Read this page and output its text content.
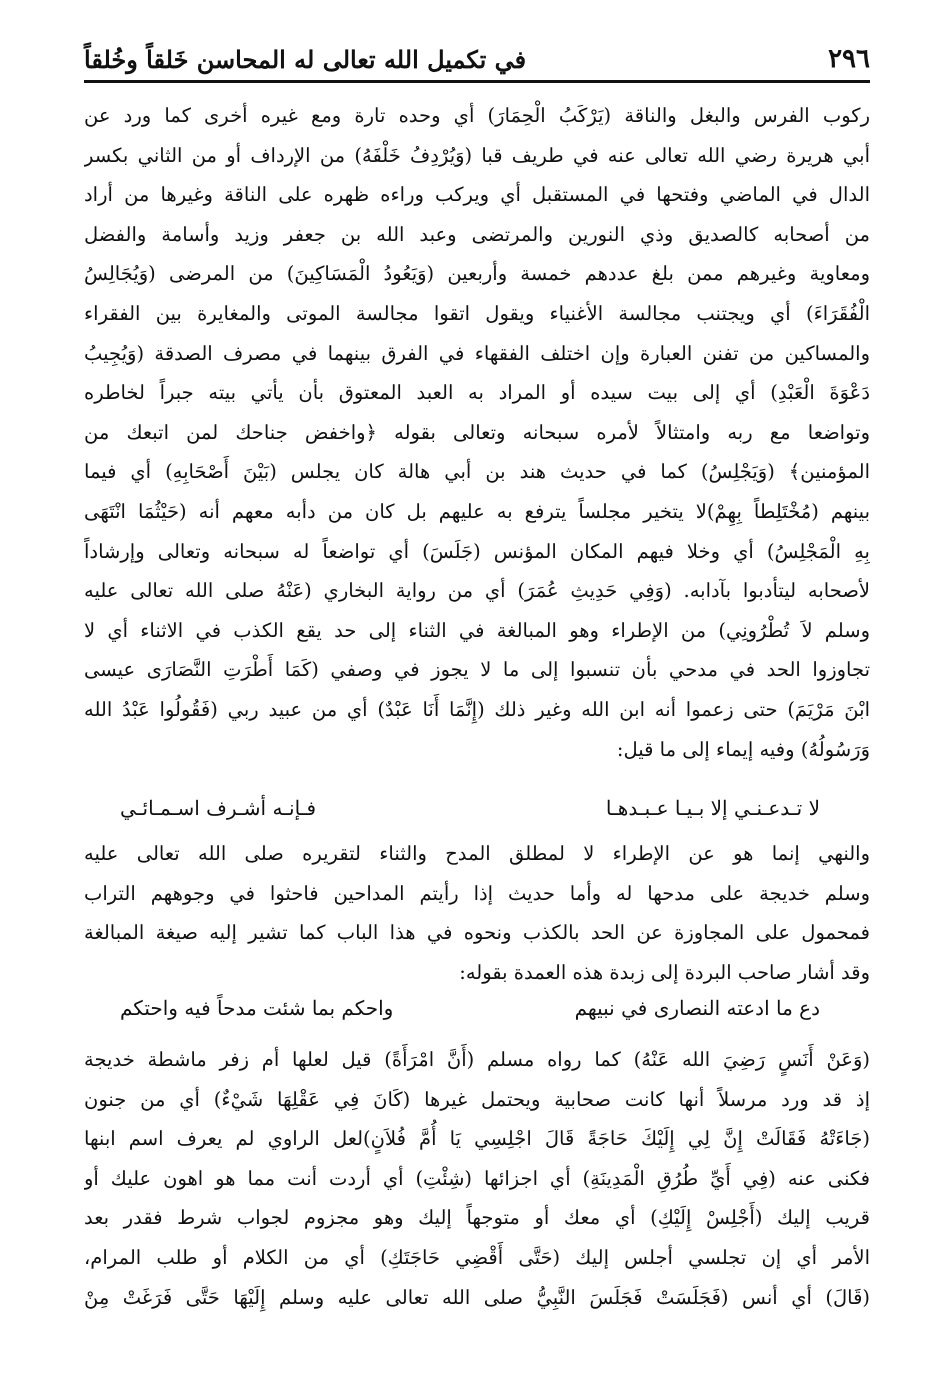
٢٩٦
في تكميل الله تعالى له المحاسن خَلقاً وخُلقاً
ركوب الفرس والبغل والناقة (يَرْكَبُ الْحِمَارَ) أي وحده تارة ومع غيره أخرى كما ورد عن
أبي هريرة رضي الله تعالى عنه في طريف قبا (وَيُرْدِفُ خَلْفَهُ) من الإرداف أو من الثاني بكسر
الدال في الماضي وفتحها في المستقبل أي ويركب وراءه ظهره على الناقة وغيرها من أراد
من أصحابه كالصديق وذي النورين والمرتضى وعبد الله بن جعفر وزيد وأسامة والفضل
ومعاوية وغيرهم ممن بلغ عددهم خمسة وأربعين (وَيَعُودُ الْمَسَاكِينَ) من المرضى (وَيُجَالِسُ
الْفُقَرَاءَ) أي ويجتنب مجالسة الأغنياء ويقول اتقوا مجالسة الموتى والمغايرة بين الفقراء
والمساكين من تفنن العبارة وإن اختلف الفقهاء في الفرق بينهما في مصرف الصدقة (وَيُجِيبُ
دَعْوَةَ الْعَبْدِ) أي إلى بيت سيده أو المراد به العبد المعتوق بأن يأتي بيته جبراً لخاطره
وتواضعا مع ربه وامتثالاً لأمره سبحانه وتعالى بقوله ﴿واخفض جناحك لمن اتبعك من
المؤمنين﴾ (وَيَجْلِسُ) كما في حديث هند بن أبي هالة كان يجلس (بَيْنَ أَصْحَابِهِ) أي فيما
بينهم (مُخْتَلِطاً بِهِمْ)لا يتخير مجلساً يترفع به عليهم بل كان من دأبه معهم أنه (حَيْثُمَا انْتَهَى
بِهِ الْمَجْلِسُ) أي وخلا فيهم المكان المؤنس (جَلَسَ) أي تواضعاً له سبحانه وتعالى وإرشاداً
لأصحابه ليتأدبوا بآدابه. (وَفِي حَدِيثِ عُمَرَ) أي من رواية البخاري (عَنْهُ صلى الله تعالى عليه
وسلم لاَ تُطْرُونِي) من الإطراء وهو المبالغة في الثناء إلى حد يقع الكذب في الاثناء أي لا
تجاوزوا الحد في مدحي بأن تنسبوا إلى ما لا يجوز في وصفي (كَمَا أَطْرَتِ النَّصَارَى عيسى
ابْنَ مَرْيَمَ) حتى زعموا أنه ابن الله وغير ذلك (إِنَّمَا أَنَا عَبْدٌ) أي من عبيد ربي (فَقُولُوا عَبْدُ الله
وَرَسُولُهُ) وفيه إيماء إلى ما قيل:
لا تـدعـنـي إلا بـيـا عـبـدهـا
فـإنـه أشـرف اسـمـائـي
والنهي إنما هو عن الإطراء لا لمطلق المدح والثناء لتقريره صلى الله تعالى عليه
وسلم خديجة على مدحها له وأما حديث إذا رأيتم المداحين فاحثوا في وجوههم التراب
فمحمول على المجاوزة عن الحد بالكذب ونحوه في هذا الباب كما تشير إليه صيغة المبالغة
وقد أشار صاحب البردة إلى زبدة هذه العمدة بقوله:
دع ما ادعته النصارى في نبيهم
واحكم بما شئت مدحاً فيه واحتكم
(وَعَنْ أَنَسٍ رَضِيَ الله عَنْهُ) كما رواه مسلم (أَنَّ امْرَأَةً) قيل لعلها أم زفر ماشطة خديجة
إذ قد ورد مرسلاً أنها كانت صحابية ويحتمل غيرها (كَانَ فِي عَقْلِهَا شَيْءٌ) أي من جنون
(جَاءَتْهُ فَقَالَتْ إِنَّ لِي إِلَيْكَ حَاجَةً قَالَ اجْلِسِي يَا أُمَّ فُلاَنٍ)لعل الراوي لم يعرف اسم ابنها
فكنى عنه (فِي أَيِّ طُرُقِ الْمَدِينَةِ) أي اجزائها (شِئْتِ) أي أردت أنت مما هو اهون عليك أو
قريب إليك (أَجْلِسْ إِلَيْكِ) أي معك أو متوجهاً إليك وهو مجزوم لجواب شرط فقدر بعد
الأمر أي إن تجلسي أجلس إليك (حَتَّى أَقْضِي حَاجَتَكِ) أي من الكلام أو طلب المرام،
(قَالَ) أي أنس (فَجَلَسَتْ فَجَلَسَ النَّبِيُّ صلى الله تعالى عليه وسلم إِلَيْهَا حَتَّى فَرَغَتْ مِنْ
